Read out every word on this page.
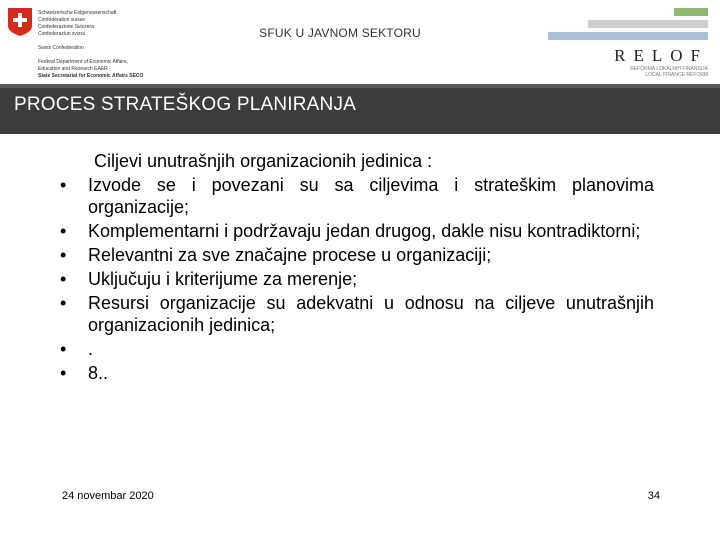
Schweizerische Eidgenossenschaft
Confédération suisse
Confederazione Svizzera
Confederaziun svizra

Swiss Confederation

Federal Department of Economic Affairs,
Education and Research EAER
State Secretariat for Economic Affairs SECO
SFUK U JAVNOM SEKTORU
RELOF
REFORMA LOKALNIH FINANSIJA
LOCAL FINANCE REFORM
PROCES STRATEŠKOG PLANIRANJA

Ciljevi unutrašnjih organizacionih jedinica :

•	Izvode se i povezani su sa ciljevima i strateškim planovima organizacije;
•	Komplementarni i podržavaju jedan drugog, dakle nisu kontradiktorni;
•	Relevantni za sve značajne procese u organizaciji;
•	Uključuju i kriterijume za merenje;
•	Resursi organizacije su adekvatni u odnosu na ciljeve unutrašnjih organizacionih jedinica;
•	.
•	8..
24 novembar 2020	34
